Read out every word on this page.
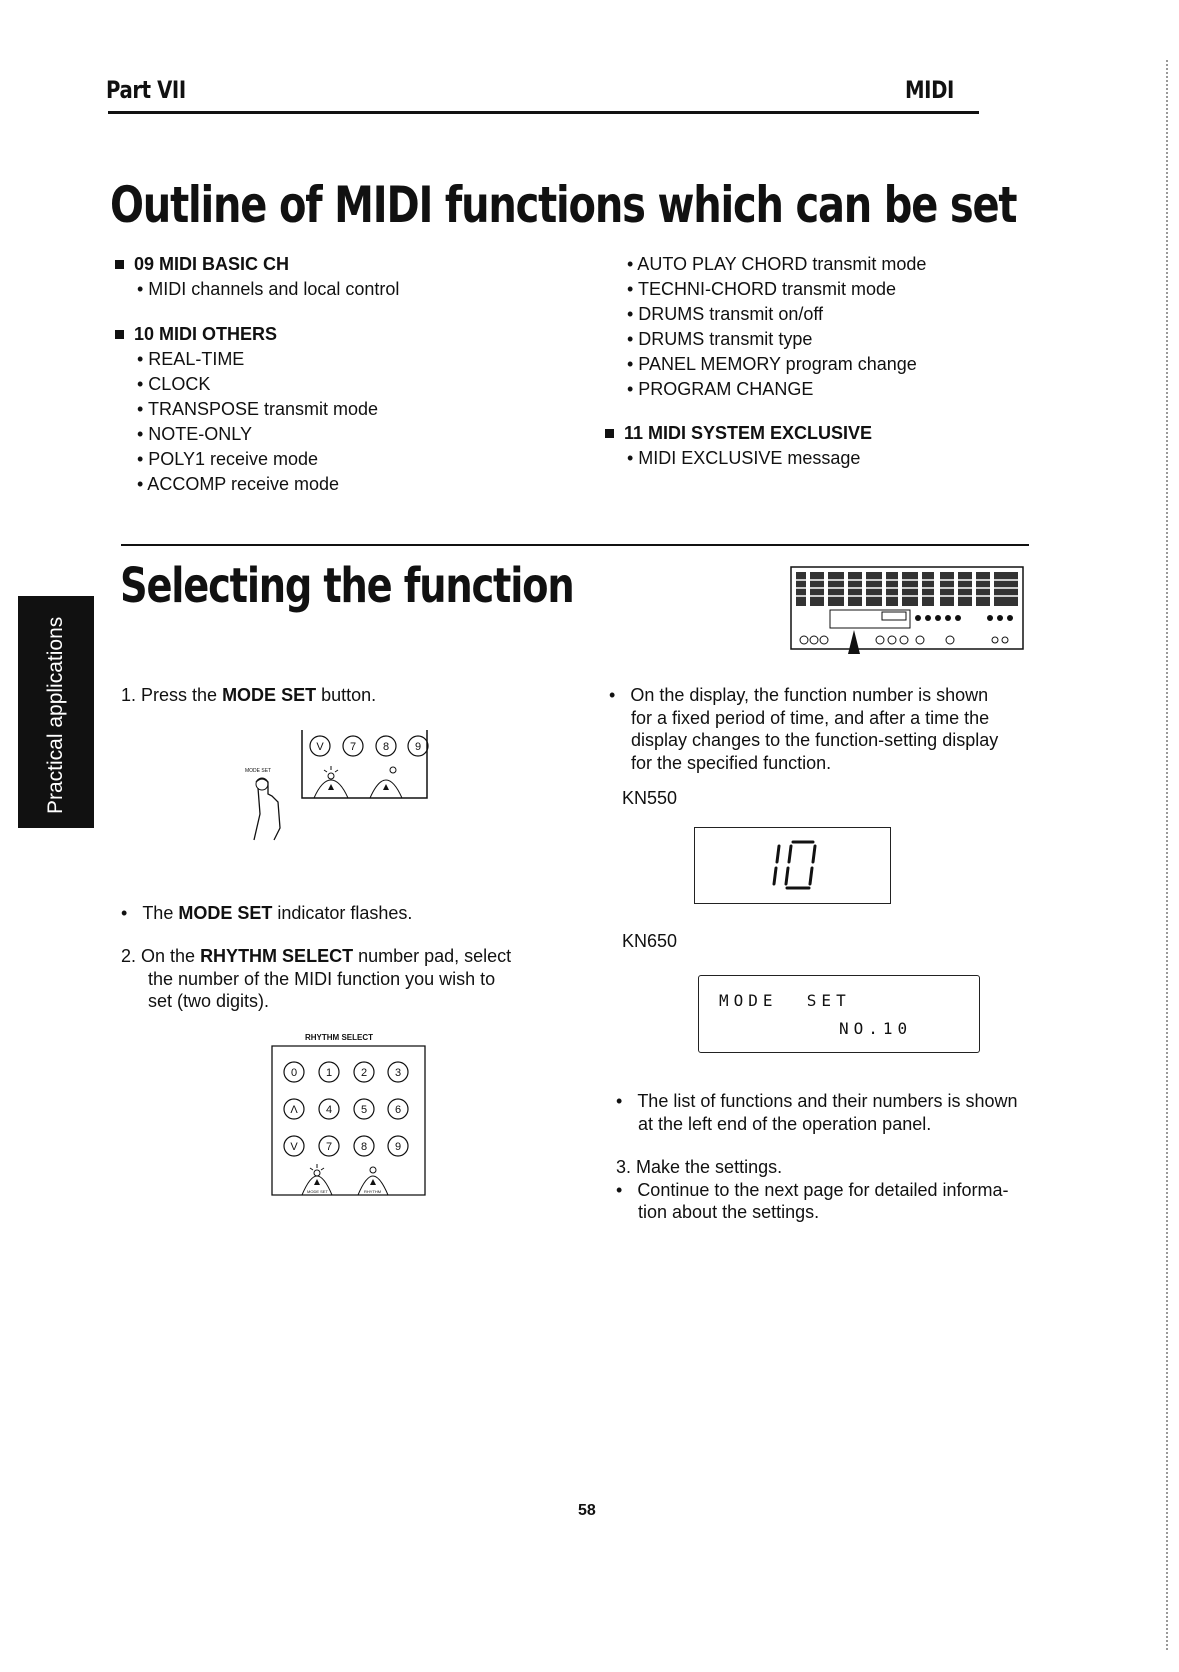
Part VII	MIDI
Outline of MIDI functions which can be set
09 MIDI BASIC CH
• MIDI channels and local control
10 MIDI OTHERS
• REAL-TIME
• CLOCK
• TRANSPOSE transmit mode
• NOTE-ONLY
• POLY1 receive mode
• ACCOMP receive mode
• AUTO PLAY CHORD transmit mode
• TECHNI-CHORD transmit mode
• DRUMS transmit on/off
• DRUMS transmit type
• PANEL MEMORY program change
• PROGRAM CHANGE
11 MIDI SYSTEM EXCLUSIVE
• MIDI EXCLUSIVE message
Practical applications
Selecting the function
1. Press the MODE SET button.
V 7 8 9
MODE SET
•   The MODE SET indicator flashes.
2. On the RHYTHM SELECT number pad, select
the number of the MIDI function you wish to
set (two digits).
RHYTHM SELECT
0	1	2	3
Λ	4	5	6
V	7	8	9
MODE SET	RHYTHM
•   On the display, the function number is shown
for a fixed period of time, and after a time the
display changes to the function-setting display
for the specified function.
KN550
KN650
MODE  SET
NO.10
•   The list of functions and their numbers is shown
at the left end of the operation panel.
3. Make the settings.
•   Continue to the next page for detailed informa-
tion about the settings.
58
